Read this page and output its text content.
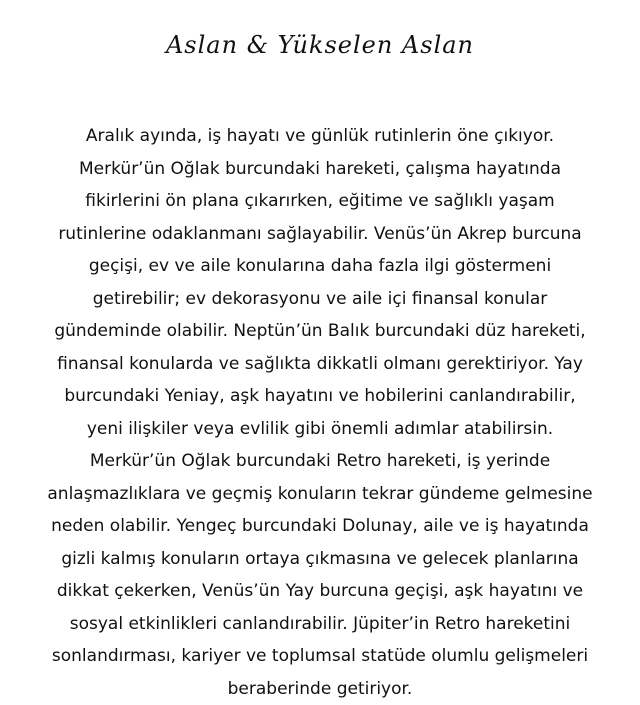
Aslan & Yükselen Aslan

Aralık ayında, iş hayatı ve günlük rutinlerin öne çıkıyor.
Merkür’ün Oğlak burcundaki hareketi, çalışma hayatında
fikirlerini ön plana çıkarırken, eğitime ve sağlıklı yaşam
rutinlerine odaklanmanı sağlayabilir. Venüs’ün Akrep burcuna
geçişi, ev ve aile konularına daha fazla ilgi göstermeni
getirebilir; ev dekorasyonu ve aile içi finansal konular
gündeminde olabilir. Neptün’ün Balık burcundaki düz hareketi,
finansal konularda ve sağlıkta dikkatli olmanı gerektiriyor. Yay
burcundaki Yeniay, aşk hayatını ve hobilerini canlandırabilir,
yeni ilişkiler veya evlilik gibi önemli adımlar atabilirsin.
Merkür’ün Oğlak burcundaki Retro hareketi, iş yerinde
anlaşmazlıklara ve geçmiş konuların tekrar gündeme gelmesine
neden olabilir. Yengeç burcundaki Dolunay, aile ve iş hayatında
gizli kalmış konuların ortaya çıkmasına ve gelecek planlarına
dikkat çekerken, Venüs’ün Yay burcuna geçişi, aşk hayatını ve
sosyal etkinlikleri canlandırabilir. Jüpiter’in Retro hareketini
sonlandırması, kariyer ve toplumsal statüde olumlu gelişmeleri
beraberinde getiriyor.
